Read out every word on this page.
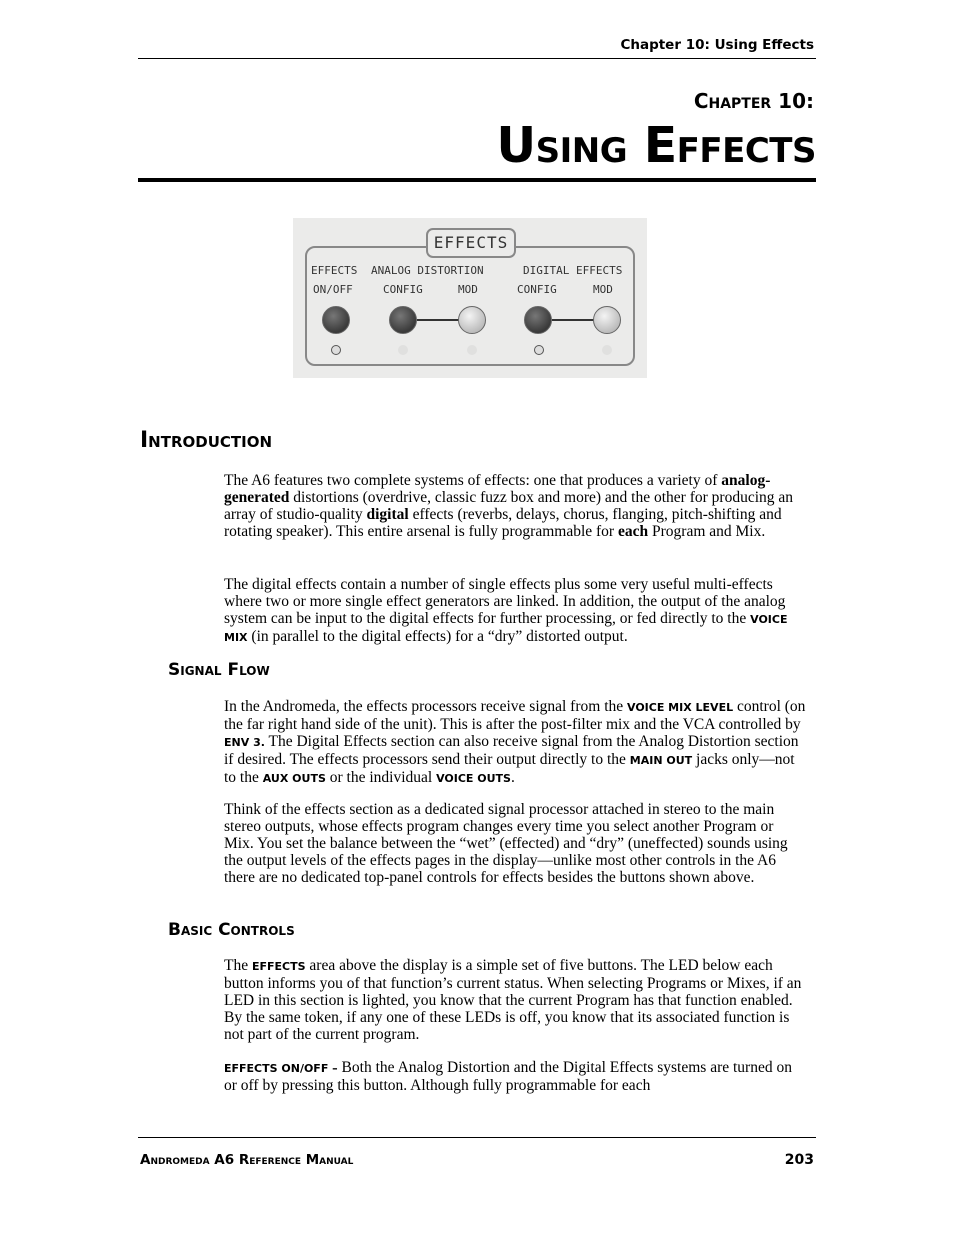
Chapter 10: Using Effects
Chapter 10:
Using Effects
EFFECTS
EFFECTS ANALOG DISTORTION	DIGITAL EFFECTS
ON/OFF	CONFIG	MOD	CONFIG	MOD
Introduction

The A6 features two complete systems of effects: one that produces a variety of analog-generated distortions (overdrive, classic fuzz box and more) and the other for producing an array of studio-quality digital effects (reverbs, delays, chorus, flanging, pitch-shifting and rotating speaker). This entire arsenal is fully programmable for each Program and Mix.

The digital effects contain a number of single effects plus some very useful multi-effects where two or more single effect generators are linked. In addition, the output of the analog system can be input to the digital effects for further processing, or fed directly to the VOICE MIX (in parallel to the digital effects) for a “dry” distorted output.

Signal Flow

In the Andromeda, the effects processors receive signal from the VOICE MIX LEVEL control (on the far right hand side of the unit). This is after the post-filter mix and the VCA controlled by ENV 3. The Digital Effects section can also receive signal from the Analog Distortion section if desired. The effects processors send their output directly to the MAIN OUT jacks only—not to the AUX OUTS or the individual VOICE OUTS.

Think of the effects section as a dedicated signal processor attached in stereo to the main stereo outputs, whose effects program changes every time you select another Program or Mix. You set the balance between the “wet” (effected) and “dry” (uneffected) sounds using the output levels of the effects pages in the display—unlike most other controls in the A6 there are no dedicated top-panel controls for effects besides the buttons shown above.

Basic Controls

The EFFECTS area above the display is a simple set of five buttons. The LED below each button informs you of that function’s current status. When selecting Programs or Mixes, if an LED in this section is lighted, you know that the current Program has that function enabled. By the same token, if any one of these LEDs is off, you know that its associated function is not part of the current program.

EFFECTS ON/OFF – Both the Analog Distortion and the Digital Effects systems are turned on or off by pressing this button. Although fully programmable for each

Andromeda A6 Reference Manual	203
